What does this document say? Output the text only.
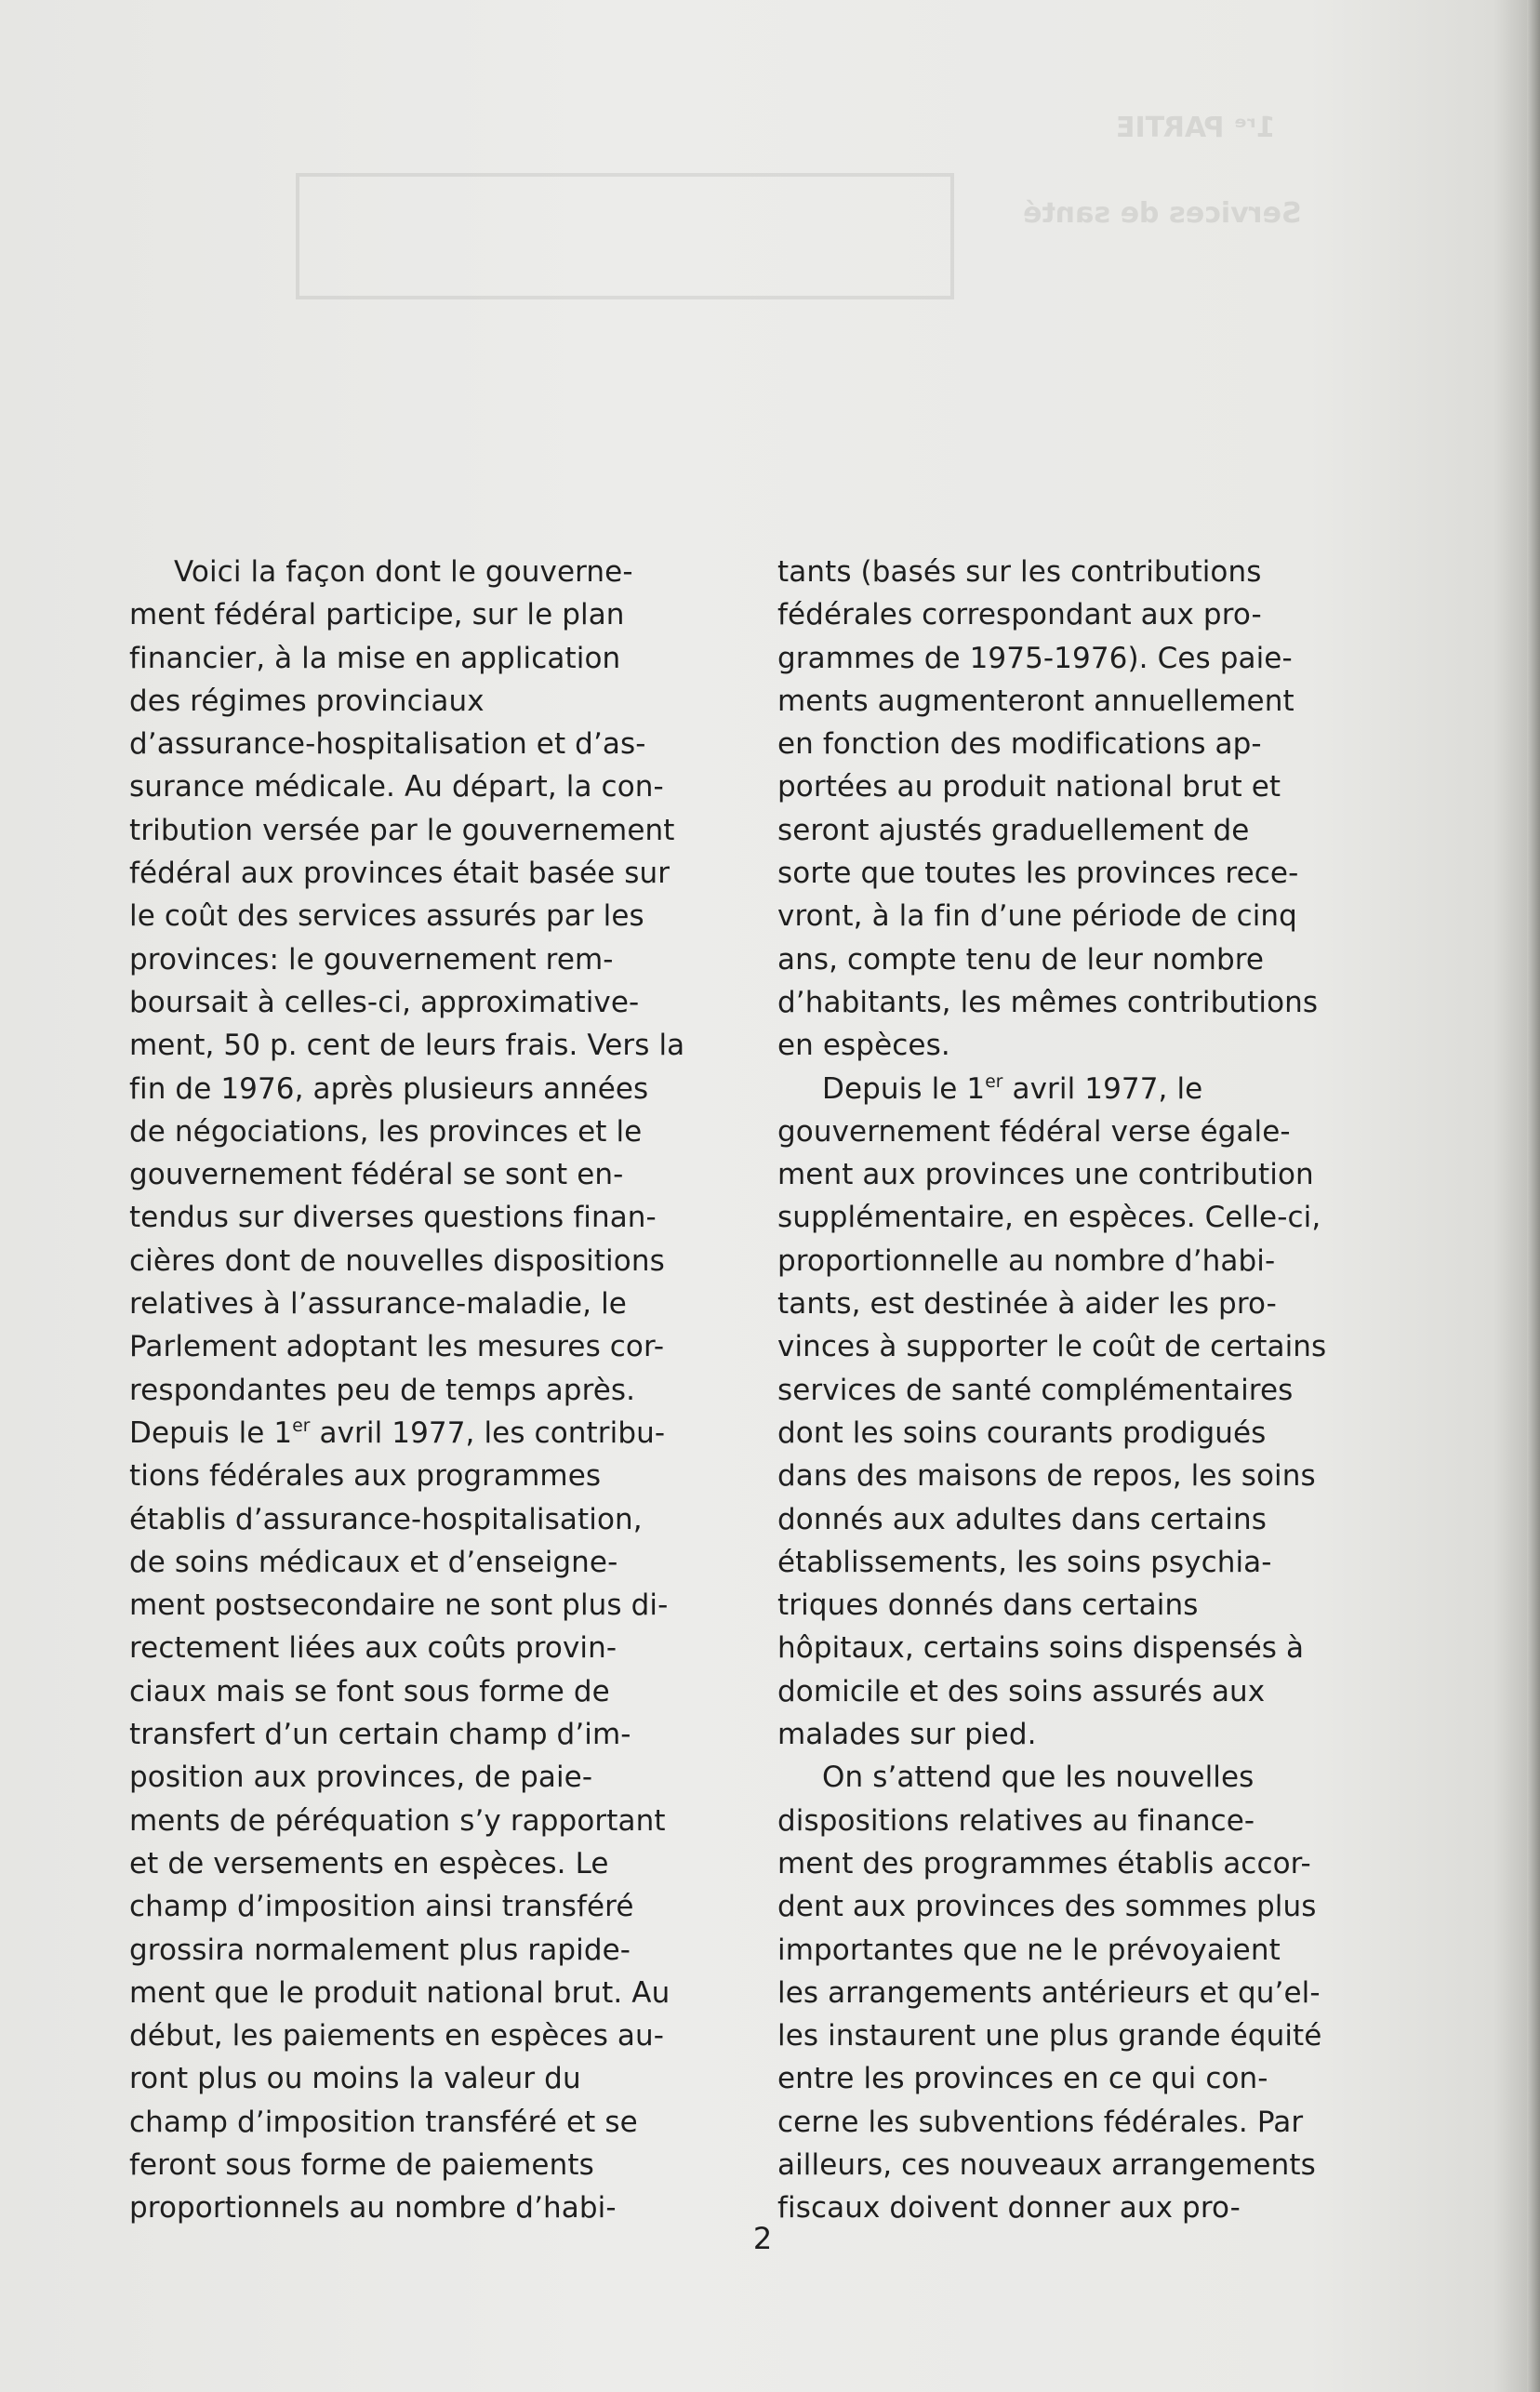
1ʳᵉ PARTIE
Services de santé

Voici la façon dont le gouverne-
ment fédéral participe, sur le plan
financier, à la mise en application
des régimes provinciaux
d’assurance-hospitalisation et d’as-
surance médicale. Au départ, la con-
tribution versée par le gouvernement
fédéral aux provinces était basée sur
le coût des services assurés par les
provinces: le gouvernement rem-
boursait à celles-ci, approximative-
ment, 50 p. cent de leurs frais. Vers la
fin de 1976, après plusieurs années
de négociations, les provinces et le
gouvernement fédéral se sont en-
tendus sur diverses questions finan-
cières dont de nouvelles dispositions
relatives à l’assurance-maladie, le
Parlement adoptant les mesures cor-
respondantes peu de temps après.

Depuis le 1er avril 1977, les contribu-
tions fédérales aux programmes
établis d’assurance-hospitalisation,
de soins médicaux et d’enseigne-
ment postsecondaire ne sont plus di-
rectement liées aux coûts provin-
ciaux mais se font sous forme de
transfert d’un certain champ d’im-
position aux provinces, de paie-
ments de péréquation s’y rapportant
et de versements en espèces. Le
champ d’imposition ainsi transféré
grossira normalement plus rapide-
ment que le produit national brut. Au
début, les paiements en espèces au-
ront plus ou moins la valeur du
champ d’imposition transféré et se
feront sous forme de paiements
proportionnels au nombre d’habi-

tants (basés sur les contributions
fédérales correspondant aux pro-
grammes de 1975-1976). Ces paie-
ments augmenteront annuellement
en fonction des modifications ap-
portées au produit national brut et
seront ajustés graduellement de
sorte que toutes les provinces rece-
vront, à la fin d’une période de cinq
ans, compte tenu de leur nombre
d’habitants, les mêmes contributions
en espèces.

Depuis le 1er avril 1977, le
gouvernement fédéral verse égale-
ment aux provinces une contribution
supplémentaire, en espèces. Celle-ci,
proportionnelle au nombre d’habi-
tants, est destinée à aider les pro-
vinces à supporter le coût de certains
services de santé complémentaires
dont les soins courants prodigués
dans des maisons de repos, les soins
donnés aux adultes dans certains
établissements, les soins psychia-
triques donnés dans certains
hôpitaux, certains soins dispensés à
domicile et des soins assurés aux
malades sur pied.

On s’attend que les nouvelles
dispositions relatives au finance-
ment des programmes établis accor-
dent aux provinces des sommes plus
importantes que ne le prévoyaient
les arrangements antérieurs et qu’el-
les instaurent une plus grande équité
entre les provinces en ce qui con-
cerne les subventions fédérales. Par
ailleurs, ces nouveaux arrangements
fiscaux doivent donner aux pro-

2
